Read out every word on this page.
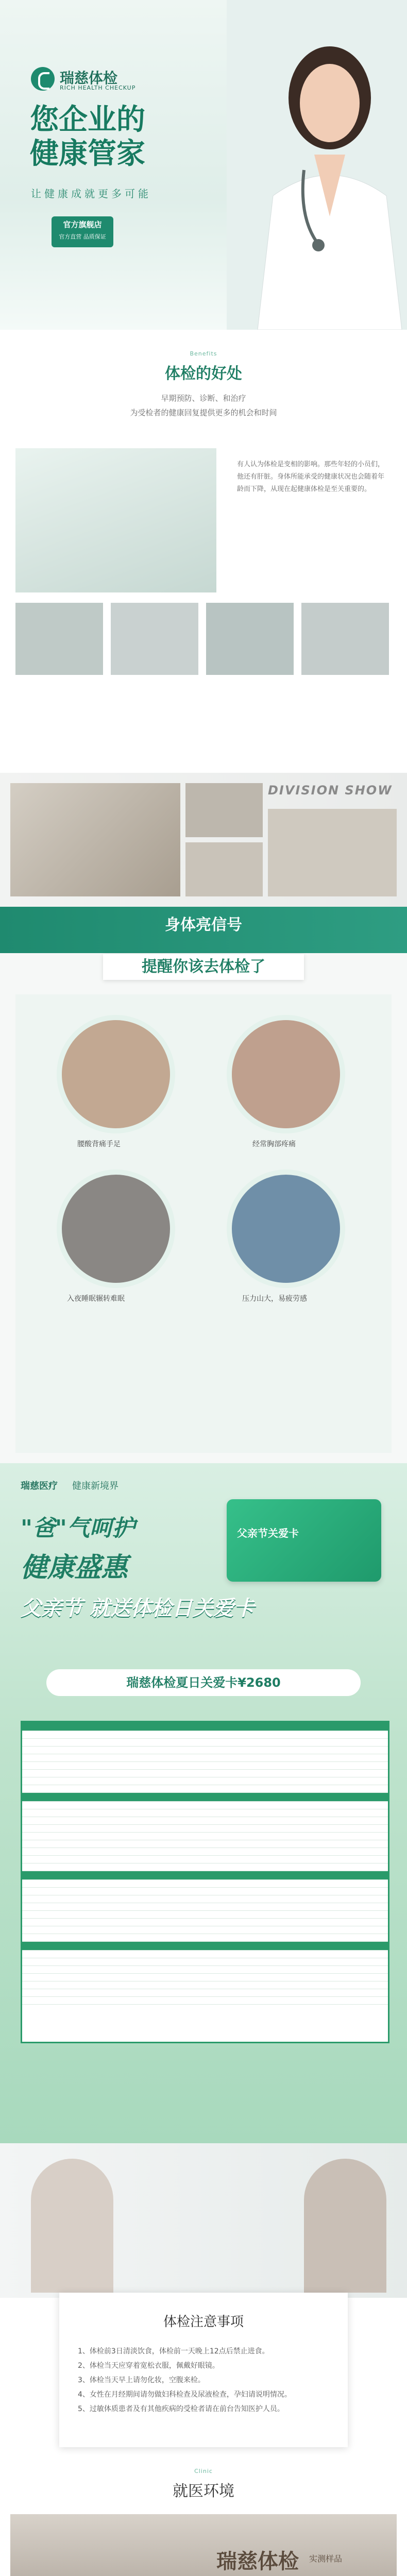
瑞慈体检
RICH HEALTH CHECKUP
您企业的
健康管家
让健康成就更多可能
官方旗舰店
官方直营 品质保证
Benefits
体检的好处
早期预防、诊断、和治疗
为受检者的健康回复提供更多的机会和时间
有人认为体检是变相的影响。那些年轻的小员们，他还有肝脏。身体所能承受的健康状况也会随着年龄而下降，从现在起健康体检是至关重要的。
DIVISION SHOW
身体亮信号
提醒你该去体检了
腰酸背痛手足	经常胸部疼痛
入夜睡眠辗转难眠	压力山大，易疲劳感
瑞慈医疗 健康新境界
父亲节关爱卡
"爸"气呵护
健康盛惠
父亲节 就送体检日关爱卡
瑞慈体检夏日关爱卡¥2680
体检注意事项
1、体检前3日清淡饮食，体检前一天晚上12点后禁止进食。
2、体检当天应穿着宽松衣服，佩戴好眼镜。
3、体检当天早上请勿化妆，空腹来检。
4、女性在月经期间请勿做妇科检查及尿液检查，孕妇请说明情况。
5、过敏体质患者及有其他疾病的受检者请在前台告知医护人员。
Clinic
就医环境
瑞慈体检 实测样品
